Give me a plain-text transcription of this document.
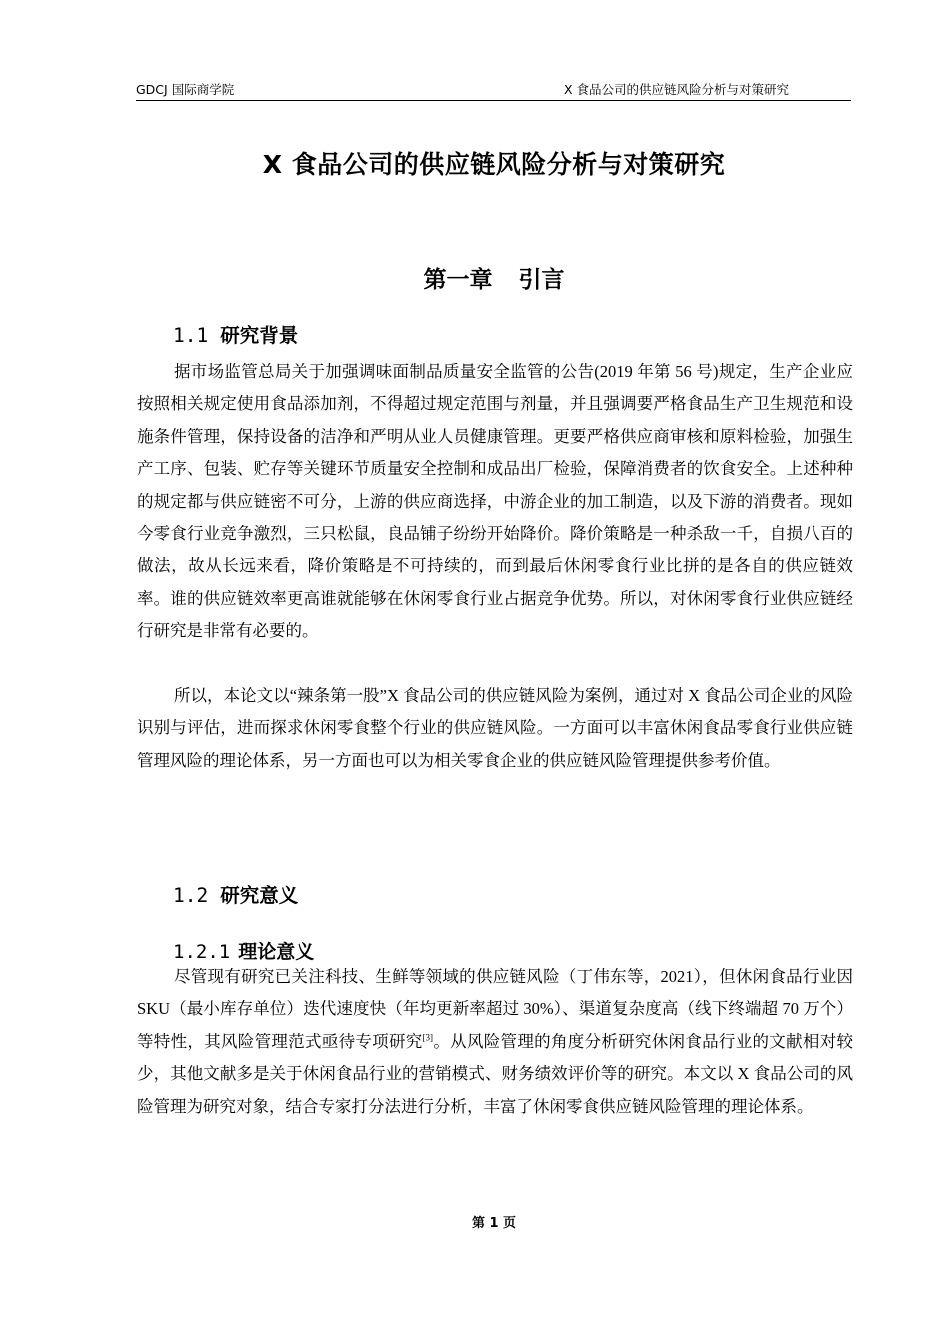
GDCJ 国际商学院	X 食品公司的供应链风险分析与对策研究
X 食品公司的供应链风险分析与对策研究
第一章 引言
1.1 研究背景

据市场监管总局关于加强调味面制品质量安全监管的公告(2019 年第 56 号)规定，生产企业应按照相关规定使用食品添加剂，不得超过规定范围与剂量，并且强调要严格食品生产卫生规范和设施条件管理，保持设备的洁净和严明从业人员健康管理。更要严格供应商审核和原料检验，加强生产工序、包装、贮存等关键环节质量安全控制和成品出厂检验，保障消费者的饮食安全。上述种种的规定都与供应链密不可分，上游的供应商选择，中游企业的加工制造，以及下游的消费者。现如今零食行业竞争激烈，三只松鼠，良品铺子纷纷开始降价。降价策略是一种杀敌一千，自损八百的做法，故从长远来看，降价策略是不可持续的，而到最后休闲零食行业比拼的是各自的供应链效率。谁的供应链效率更高谁就能够在休闲零食行业占据竞争优势。所以，对休闲零食行业供应链经行研究是非常有必要的。

所以，本论文以“辣条第一股”X 食品公司的供应链风险为案例，通过对 X 食品公司企业的风险识别与评估，进而探求休闲零食整个行业的供应链风险。一方面可以丰富休闲食品零食行业供应链管理风险的理论体系，另一方面也可以为相关零食企业的供应链风险管理提供参考价值。

1.2 研究意义
1.2.1 理论意义

尽管现有研究已关注科技、生鲜等领域的供应链风险（丁伟东等，2021），但休闲食品行业因 SKU（最小库存单位）迭代速度快（年均更新率超过 30%）、渠道复杂度高（线下终端超 70 万个）等特性，其风险管理范式亟待专项研究[3]。从风险管理的角度分析研究休闲食品行业的文献相对较少，其他文献多是关于休闲食品行业的营销模式、财务绩效评价等的研究。本文以 X 食品公司的风险管理为研究对象，结合专家打分法进行分析，丰富了休闲零食供应链风险管理的理论体系。

第 1 页
